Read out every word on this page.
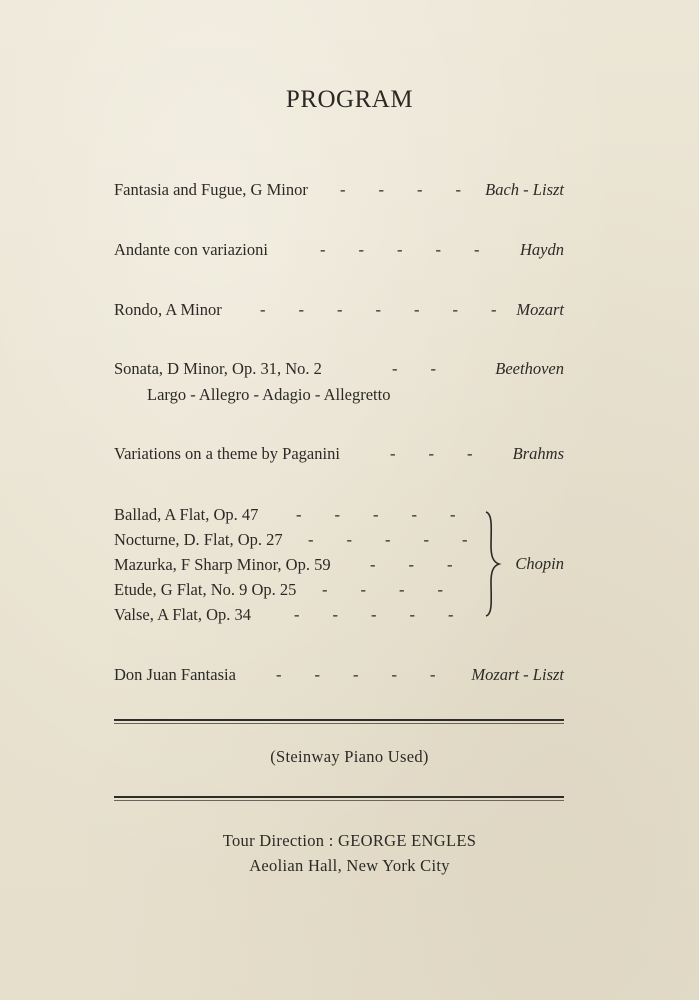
PROGRAM
Fantasia and Fugue, G Minor -        -        -        - Bach - Liszt
Andante con variazioni	-        -        -        -        - Haydn
Rondo, A Minor -        -        -        -        -        -        - Mozart
Sonata, D Minor, Op. 31, No. 2	-        -	Beethoven
Largo - Allegro - Adagio - Allegretto
Variations on a theme by Paganini	-        -        - Brahms
Ballad, A Flat, Op. 47 -        -        -        -        -
Nocturne, D. Flat, Op. 27 -        -        -        -        -
Mazurka, F Sharp Minor, Op. 59 -        -        -
Etude, G Flat, No. 9 Op. 25 -        -        -        -
Valse, A Flat, Op. 34	-        -        -        -        -
Chopin
Don Juan Fantasia -        -        -        -        - Mozart - Liszt
(Steinway Piano Used)
Tour Direction : GEORGE ENGLES
Aeolian Hall, New York City
